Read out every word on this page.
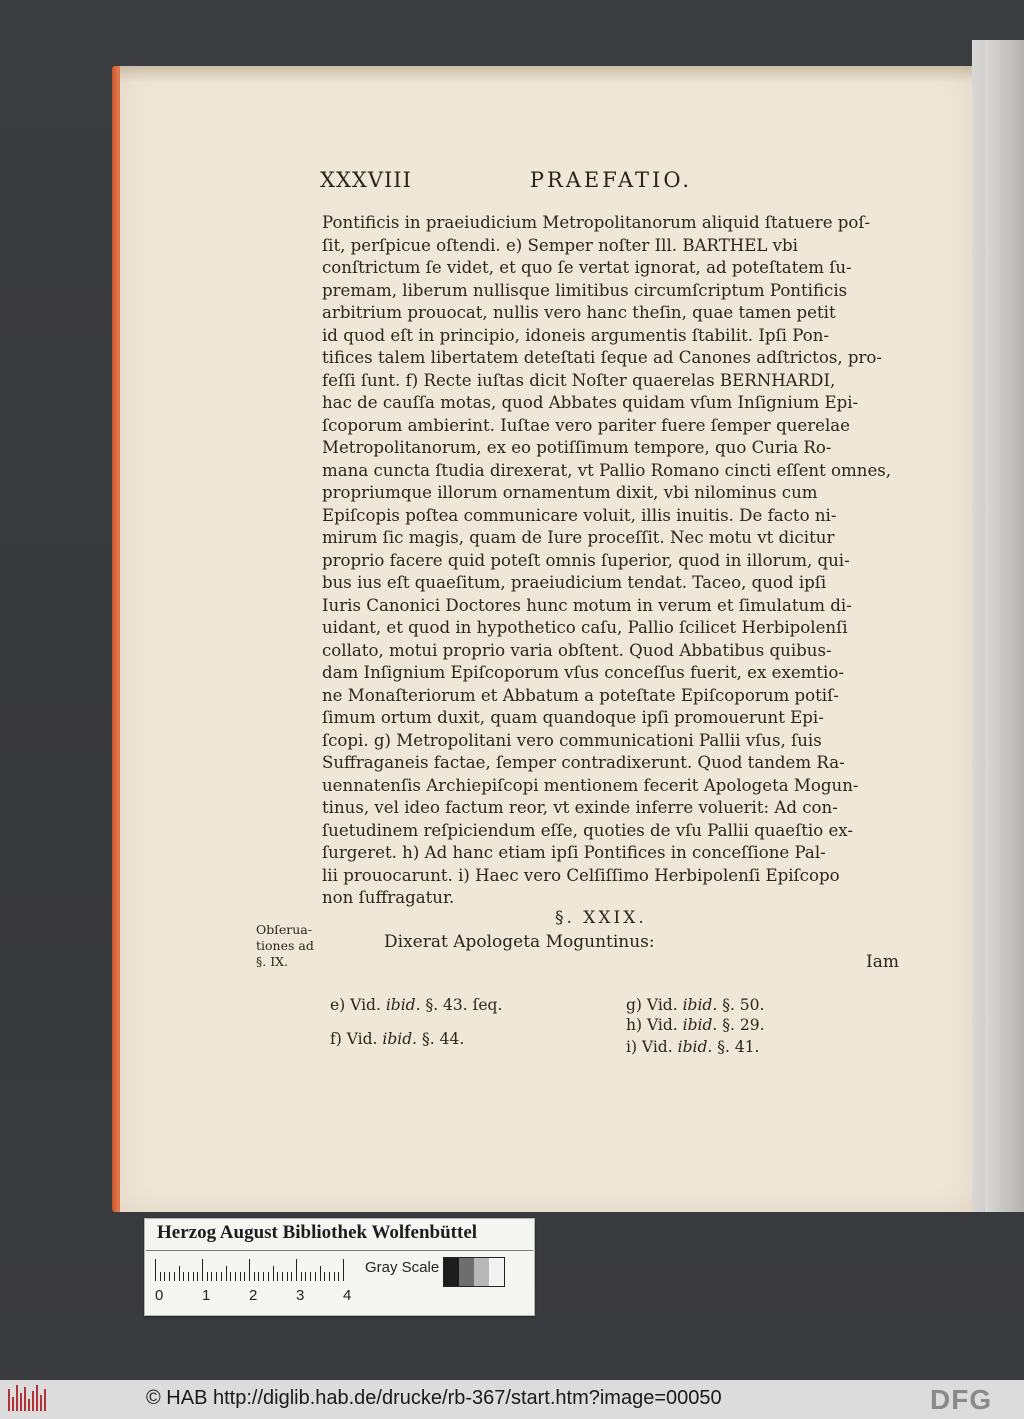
XXXVIII	PRAEFATIO.
Pontificis in praeiudicium Metropolitanorum aliquid ſtatuere poſ-
ſit, perſpicue oſtendi. e) Semper noſter Ill. BARTHEL vbi
conſtrictum ſe videt, et quo ſe vertat ignorat, ad poteſtatem ſu-
premam, liberum nullisque limitibus circumſcriptum Pontificis
arbitrium prouocat, nullis vero hanc theſin, quae tamen petit
id quod eſt in principio, idoneis argumentis ſtabilit. Ipſi Pon-
tifices talem libertatem deteſtati ſeque ad Canones adſtrictos, pro-
feſſi ſunt. f) Recte iuſtas dicit Noſter quaerelas BERNHARDI,
hac de cauſſa motas, quod Abbates quidam vſum Inſignium Epi-
ſcoporum ambierint. Iuſtae vero pariter fuere ſemper querelae
Metropolitanorum, ex eo potiſſimum tempore, quo Curia Ro-
mana cuncta ſtudia direxerat, vt Pallio Romano cincti eſſent omnes,
propriumque illorum ornamentum dixit, vbi nilominus cum
Epiſcopis poſtea communicare voluit, illis inuitis. De facto ni-
mirum ſic magis, quam de Iure proceſſit. Nec motu vt dicitur
proprio facere quid poteſt omnis ſuperior, quod in illorum, qui-
bus ius eſt quaeſitum, praeiudicium tendat. Taceo, quod ipſi
Iuris Canonici Doctores hunc motum in verum et ſimulatum di-
uidant, et quod in hypothetico caſu, Pallio ſcilicet Herbipolenſi
collato, motui proprio varia obſtent. Quod Abbatibus quibus-
dam Inſignium Epiſcoporum vſus conceſſus fuerit, ex exemtio-
ne Monaſteriorum et Abbatum a poteſtate Epiſcoporum potiſ-
ſimum ortum duxit, quam quandoque ipſi promouerunt Epi-
ſcopi. g) Metropolitani vero communicationi Pallii vſus, ſuis
Suffraganeis factae, ſemper contradixerunt. Quod tandem Ra-
uennatenſis Archiepiſcopi mentionem fecerit Apologeta Mogun-
tinus, vel ideo factum reor, vt exinde inferre voluerit: Ad con-
ſuetudinem reſpiciendum eſſe, quoties de vſu Pallii quaeſtio ex-
ſurgeret. h) Ad hanc etiam ipſi Pontifices in conceſſione Pal-
lii prouocarunt. i) Haec vero Celſiſſimo Herbipolenſi Epiſcopo
non ſuffragatur.
Obſerua-
tiones ad
§. IX.
§. XXIX.
Dixerat Apologeta Moguntinus:
Iam
e) Vid. ibid. §. 43. ſeq.
f) Vid. ibid. §. 44.
g) Vid. ibid. §. 50.
h) Vid. ibid. §. 29.
i) Vid. ibid. §. 41.
Herzog August Bibliothek Wolfenbüttel
0	1	2	3	4
Gray Scale
© HAB http://diglib.hab.de/drucke/rb-367/start.htm?image=00050	DFG
